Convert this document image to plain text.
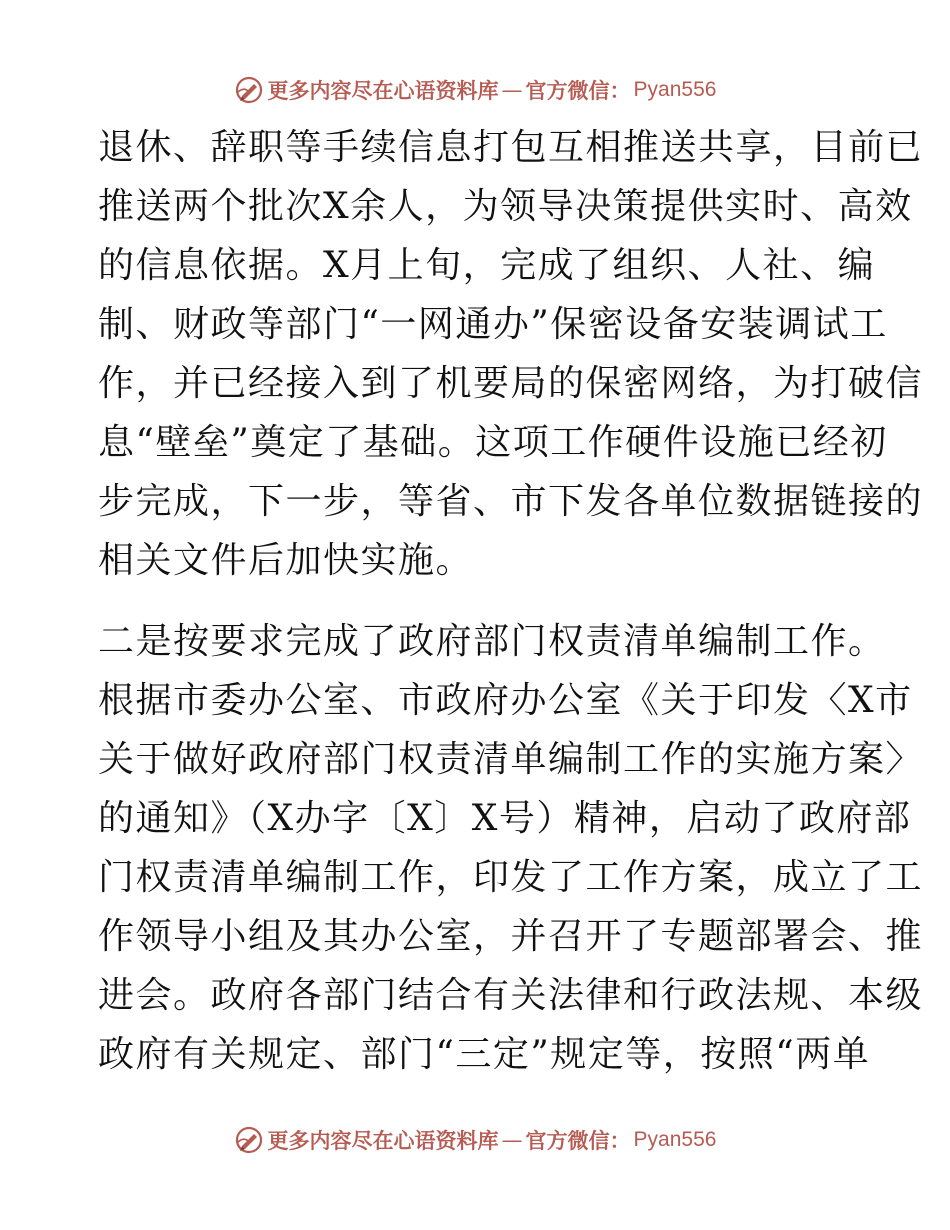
更多内容尽在心语资料库 — 官方微信： Pyan556
退休、辞职等手续信息打包互相推送共享，目前已
推送两个批次X余人，为领导决策提供实时、高效
的信息依据。X月上旬，完成了组织、人社、编
制、财政等部门“一网通办”保密设备安装调试工
作，并已经接入到了机要局的保密网络，为打破信
息“壁垒”奠定了基础。这项工作硬件设施已经初
步完成，下一步，等省、市下发各单位数据链接的
相关文件后加快实施。
二是按要求完成了政府部门权责清单编制工作。
根据市委办公室、市政府办公室《关于印发〈X市
关于做好政府部门权责清单编制工作的实施方案〉
的通知》（X办字〔X〕X号）精神，启动了政府部
门权责清单编制工作，印发了工作方案，成立了工
作领导小组及其办公室，并召开了专题部署会、推
进会。政府各部门结合有关法律和行政法规、本级
政府有关规定、部门“三定”规定等，按照“两单
更多内容尽在心语资料库 — 官方微信： Pyan556
